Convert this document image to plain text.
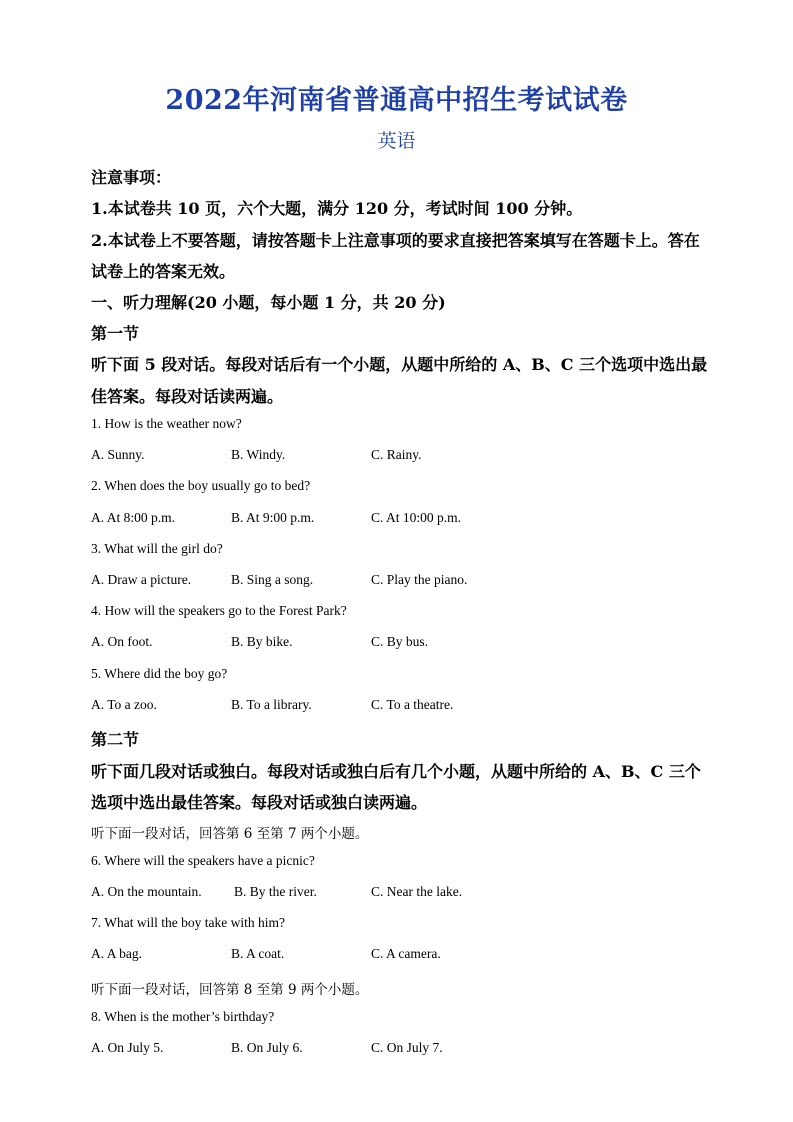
2022年河南省普通高中招生考试试卷
英语
注意事项：
1.本试卷共 10 页，六个大题，满分 120 分，考试时间 100 分钟。
2.本试卷上不要答题，请按答题卡上注意事项的要求直接把答案填写在答题卡上。答在
试卷上的答案无效。
一、听力理解(20 小题，每小题 1 分，共 20 分)
第一节
听下面 5 段对话。每段对话后有一个小题，从题中所给的 A、B、C 三个选项中选出最
佳答案。每段对话读两遍。
1. How is the weather now?
A. Sunny.	B. Windy.	C. Rainy.
2. When does the boy usually go to bed?
A. At 8:00 p.m.	B. At 9:00 p.m.	C. At 10:00 p.m.
3. What will the girl do?
A. Draw a picture.	B. Sing a song.	C. Play the piano.
4. How will the speakers go to the Forest Park?
A. On foot.	B. By bike.	C. By bus.
5. Where did the boy go?
A. To a zoo.	B. To a library.	C. To a theatre.
第二节
听下面几段对话或独白。每段对话或独白后有几个小题，从题中所给的 A、B、C 三个
选项中选出最佳答案。每段对话或独白读两遍。
听下面一段对话，回答第 6 至第 7 两个小题。
6. Where will the speakers have a picnic?
A. On the mountain. B. By the river.	C. Near the lake.
7. What will the boy take with him?
A. A bag.	B. A coat.	C. A camera.
听下面一段对话，回答第 8 至第 9 两个小题。
8. When is the mother’s birthday?
A. On July 5.	B. On July 6.	C. On July 7.
